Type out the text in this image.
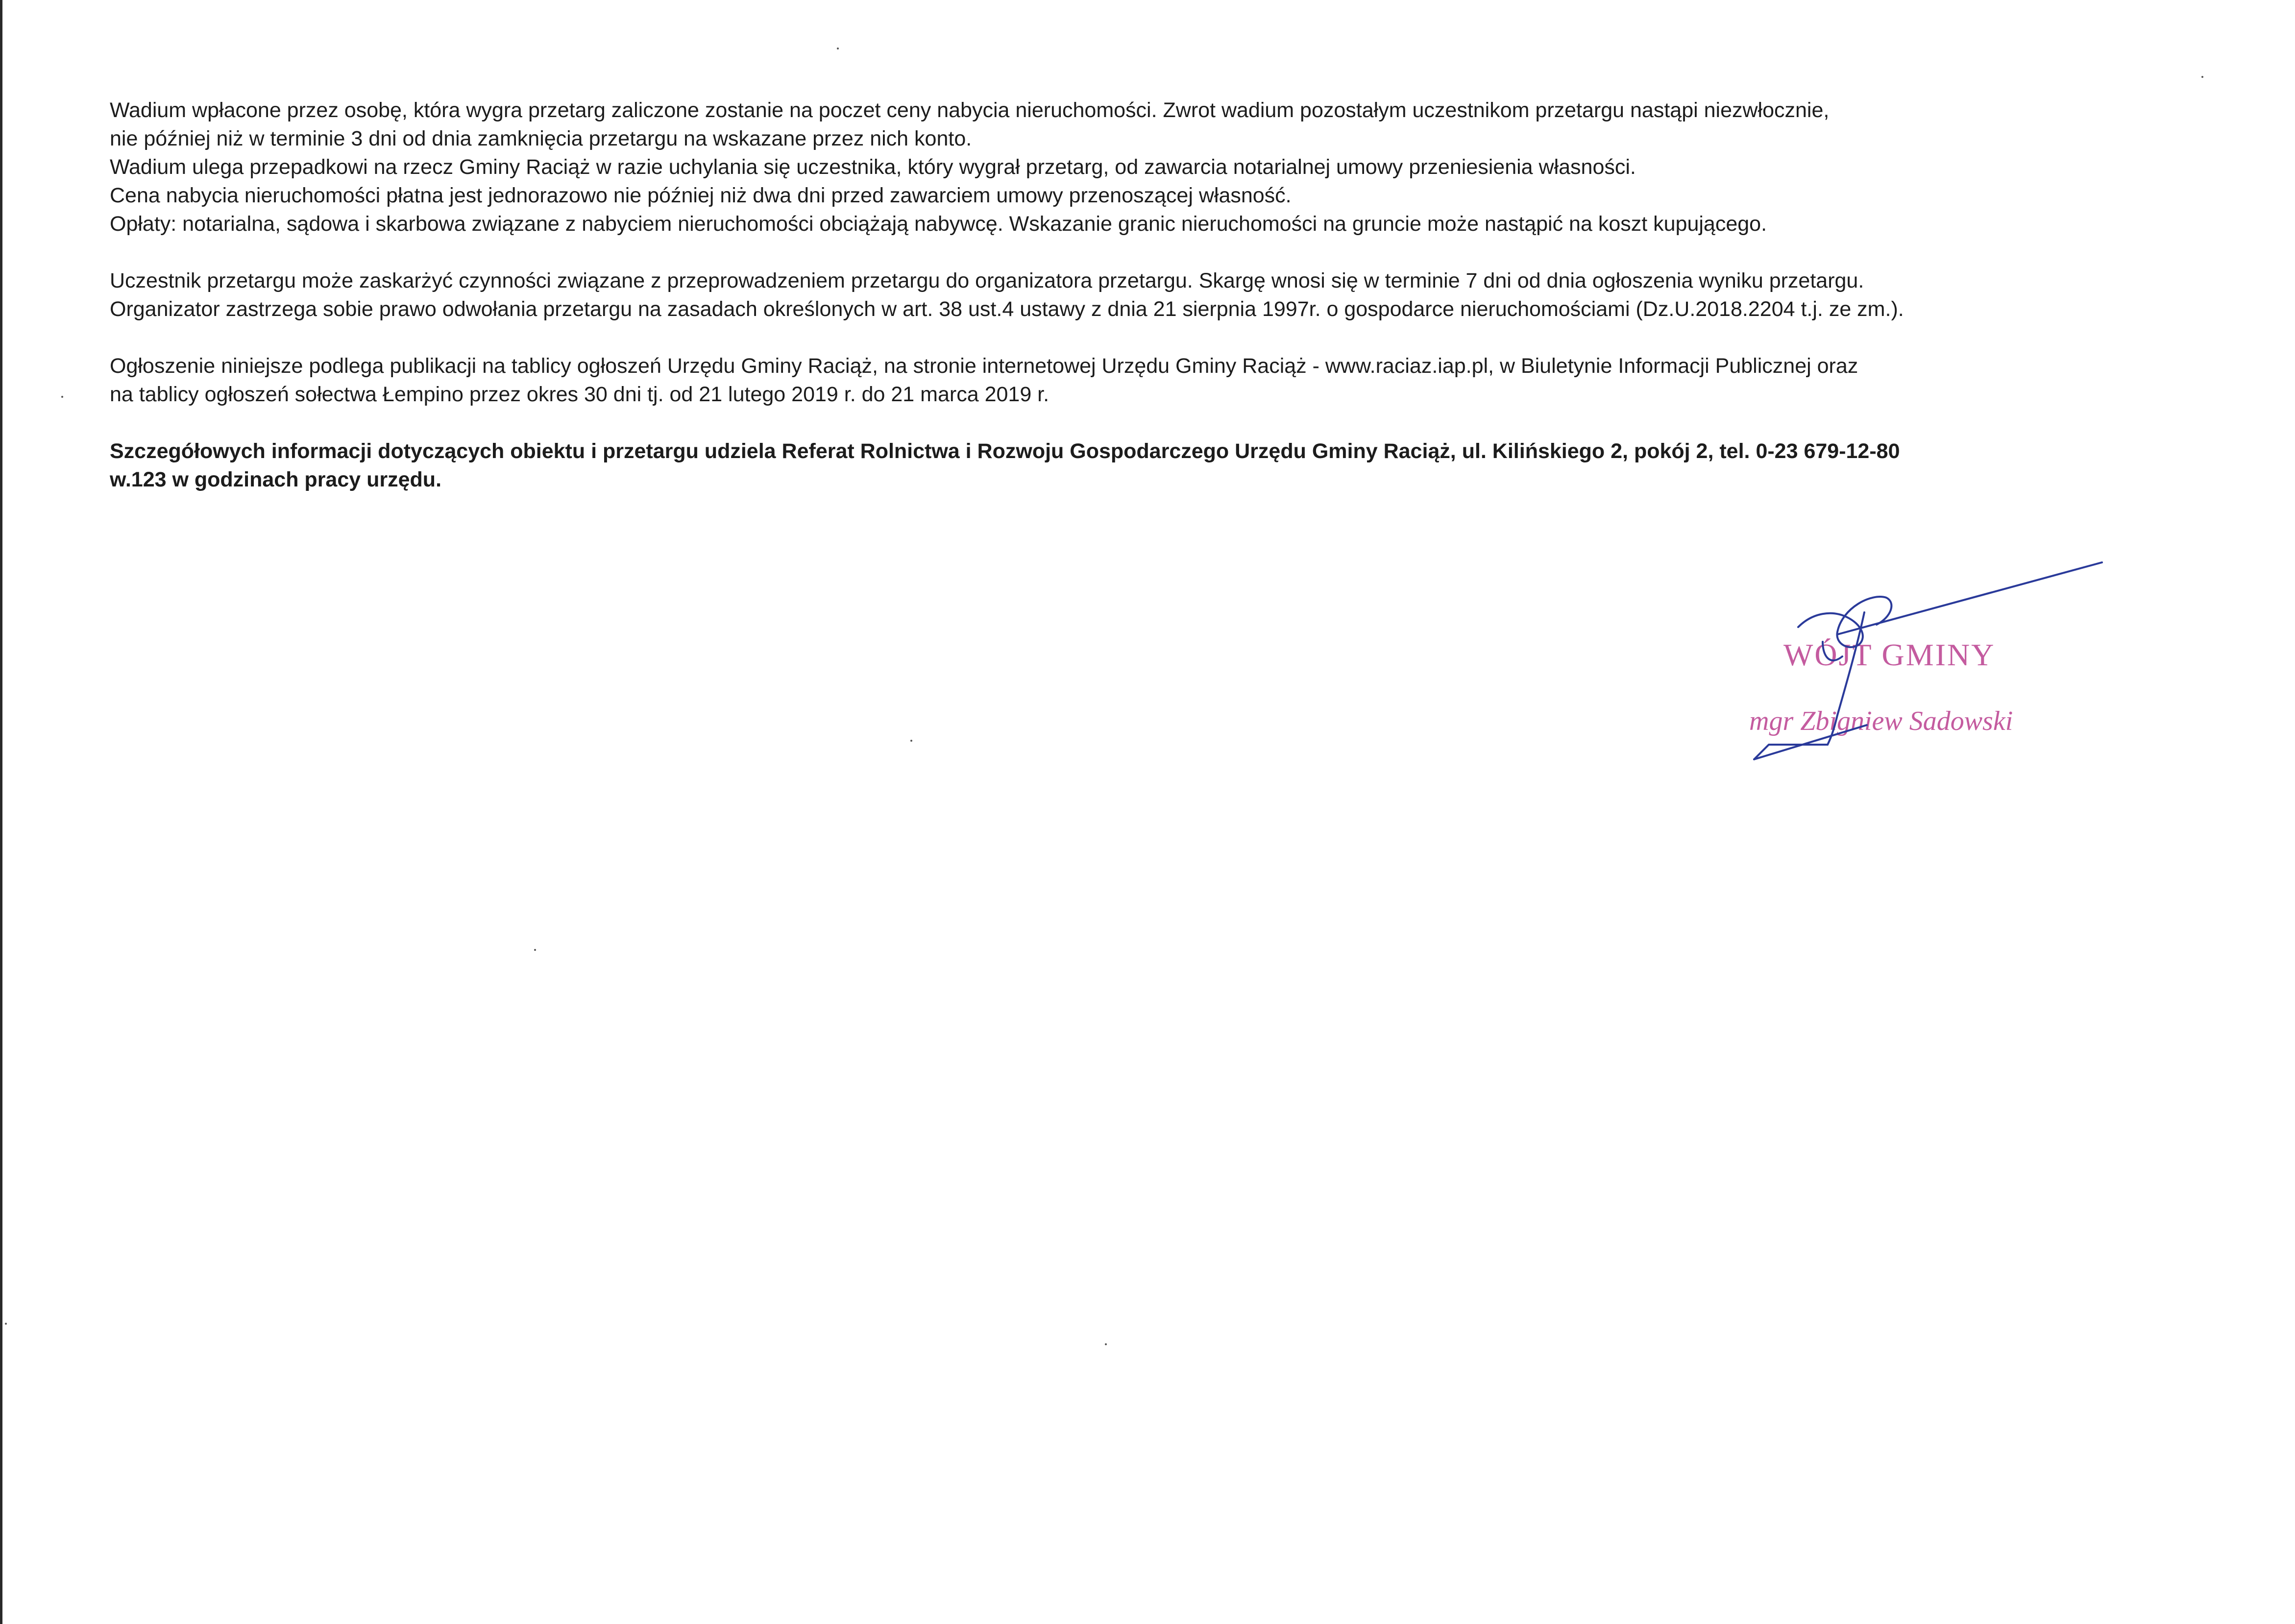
Wadium wpłacone przez osobę, która wygra przetarg zaliczone zostanie na poczet ceny nabycia nieruchomości. Zwrot wadium pozostałym uczestnikom przetargu nastąpi niezwłocznie,

nie później niż w terminie 3 dni od dnia zamknięcia przetargu na wskazane przez nich konto.

Wadium ulega przepadkowi na rzecz Gminy Raciąż w razie uchylania się uczestnika, który wygrał przetarg, od zawarcia notarialnej umowy przeniesienia własności.

Cena nabycia nieruchomości płatna jest jednorazowo nie później niż dwa dni przed zawarciem umowy przenoszącej własność.

Opłaty: notarialna, sądowa i skarbowa związane z nabyciem nieruchomości obciążają nabywcę. Wskazanie granic nieruchomości na gruncie może nastąpić na koszt kupującego.

Uczestnik przetargu może zaskarżyć czynności związane z przeprowadzeniem przetargu do organizatora przetargu. Skargę wnosi się w terminie 7 dni od dnia ogłoszenia wyniku przetargu.

Organizator zastrzega sobie prawo odwołania przetargu na zasadach określonych w art. 38 ust.4 ustawy z dnia 21 sierpnia 1997r. o gospodarce nieruchomościami (Dz.U.2018.2204 t.j. ze zm.).

Ogłoszenie niniejsze podlega publikacji na tablicy ogłoszeń Urzędu Gminy Raciąż, na stronie internetowej Urzędu Gminy Raciąż - www.raciaz.iap.pl, w Biuletynie Informacji Publicznej oraz

na tablicy ogłoszeń sołectwa Łempino przez okres 30 dni tj. od 21 lutego 2019 r. do 21 marca 2019 r.

Szczegółowych informacji dotyczących obiektu i przetargu udziela Referat Rolnictwa i Rozwoju Gospodarczego Urzędu Gminy Raciąż, ul. Kilińskiego 2, pokój 2, tel. 0-23 679-12-80

w.123 w godzinach pracy urzędu.

WÓJT GMINY
mgr Zbigniew Sadowski
